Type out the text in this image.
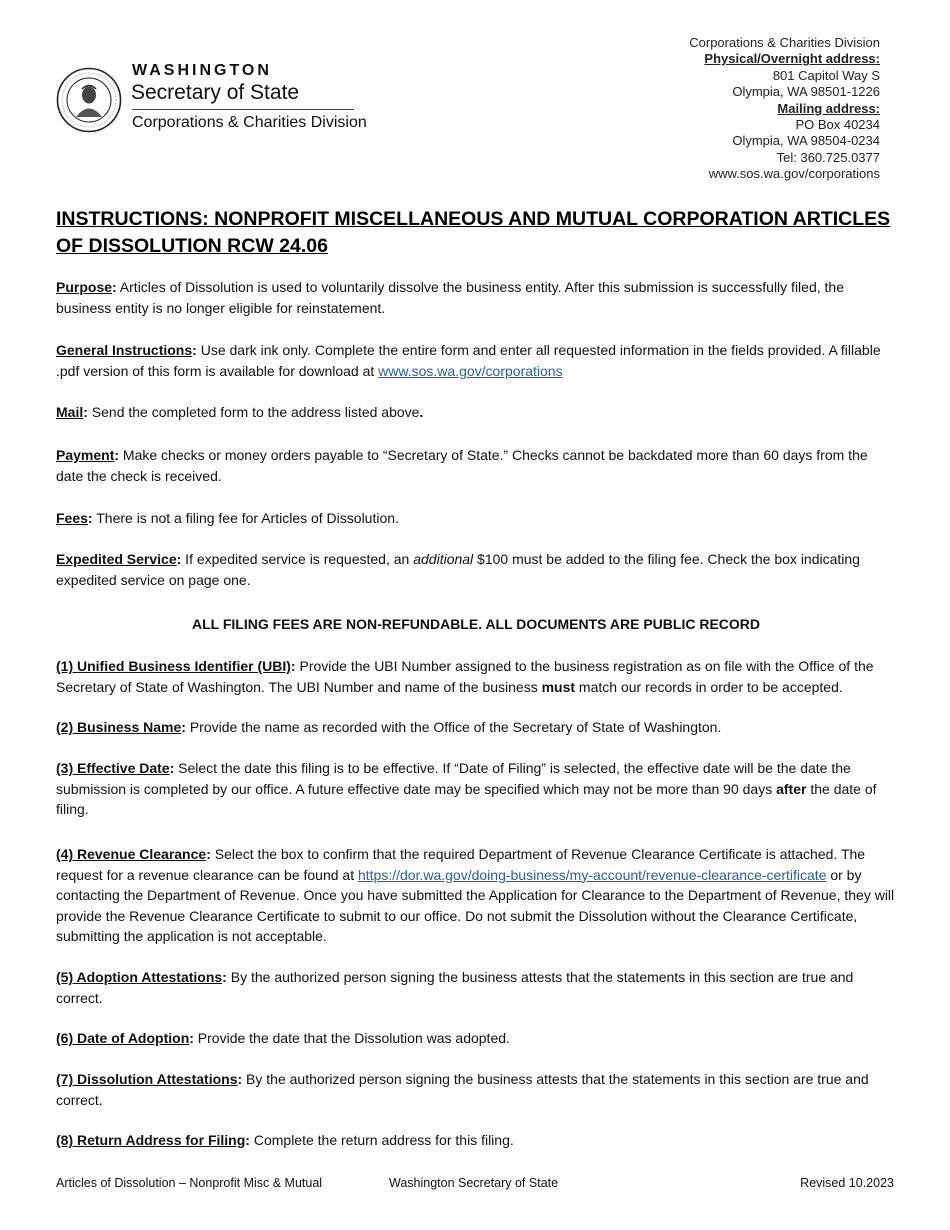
WASHINGTON
Secretary of State
Corporations & Charities Division
Corporations & Charities Division
Physical/Overnight address:
801 Capitol Way S
Olympia, WA 98501-1226
Mailing address:
PO Box 40234
Olympia, WA 98504-0234
Tel: 360.725.0377
www.sos.wa.gov/corporations
INSTRUCTIONS: NONPROFIT MISCELLANEOUS AND MUTUAL CORPORATION ARTICLES OF DISSOLUTION RCW 24.06

Purpose: Articles of Dissolution is used to voluntarily dissolve the business entity. After this submission is successfully filed, the business entity is no longer eligible for reinstatement.

General Instructions: Use dark ink only. Complete the entire form and enter all requested information in the fields provided. A fillable .pdf version of this form is available for download at www.sos.wa.gov/corporations

Mail: Send the completed form to the address listed above.

Payment: Make checks or money orders payable to “Secretary of State.” Checks cannot be backdated more than 60 days from the date the check is received.

Fees: There is not a filing fee for Articles of Dissolution.

Expedited Service: If expedited service is requested, an additional $100 must be added to the filing fee. Check the box indicating expedited service on page one.

ALL FILING FEES ARE NON-REFUNDABLE. ALL DOCUMENTS ARE PUBLIC RECORD

(1) Unified Business Identifier (UBI): Provide the UBI Number assigned to the business registration as on file with the Office of the Secretary of State of Washington. The UBI Number and name of the business must match our records in order to be accepted.

(2) Business Name: Provide the name as recorded with the Office of the Secretary of State of Washington.

(3) Effective Date: Select the date this filing is to be effective. If “Date of Filing” is selected, the effective date will be the date the submission is completed by our office. A future effective date may be specified which may not be more than 90 days after the date of filing.

(4) Revenue Clearance: Select the box to confirm that the required Department of Revenue Clearance Certificate is attached. The request for a revenue clearance can be found at https://dor.wa.gov/doing-business/my-account/revenue-clearance-certificate or by contacting the Department of Revenue. Once you have submitted the Application for Clearance to the Department of Revenue, they will provide the Revenue Clearance Certificate to submit to our office. Do not submit the Dissolution without the Clearance Certificate, submitting the application is not acceptable.

(5) Adoption Attestations: By the authorized person signing the business attests that the statements in this section are true and correct.

(6) Date of Adoption: Provide the date that the Dissolution was adopted.

(7) Dissolution Attestations: By the authorized person signing the business attests that the statements in this section are true and correct.

(8) Return Address for Filing: Complete the return address for this filing.

Articles of Dissolution – Nonprofit Misc & Mutual	Washington Secretary of State	Revised 10.2023
